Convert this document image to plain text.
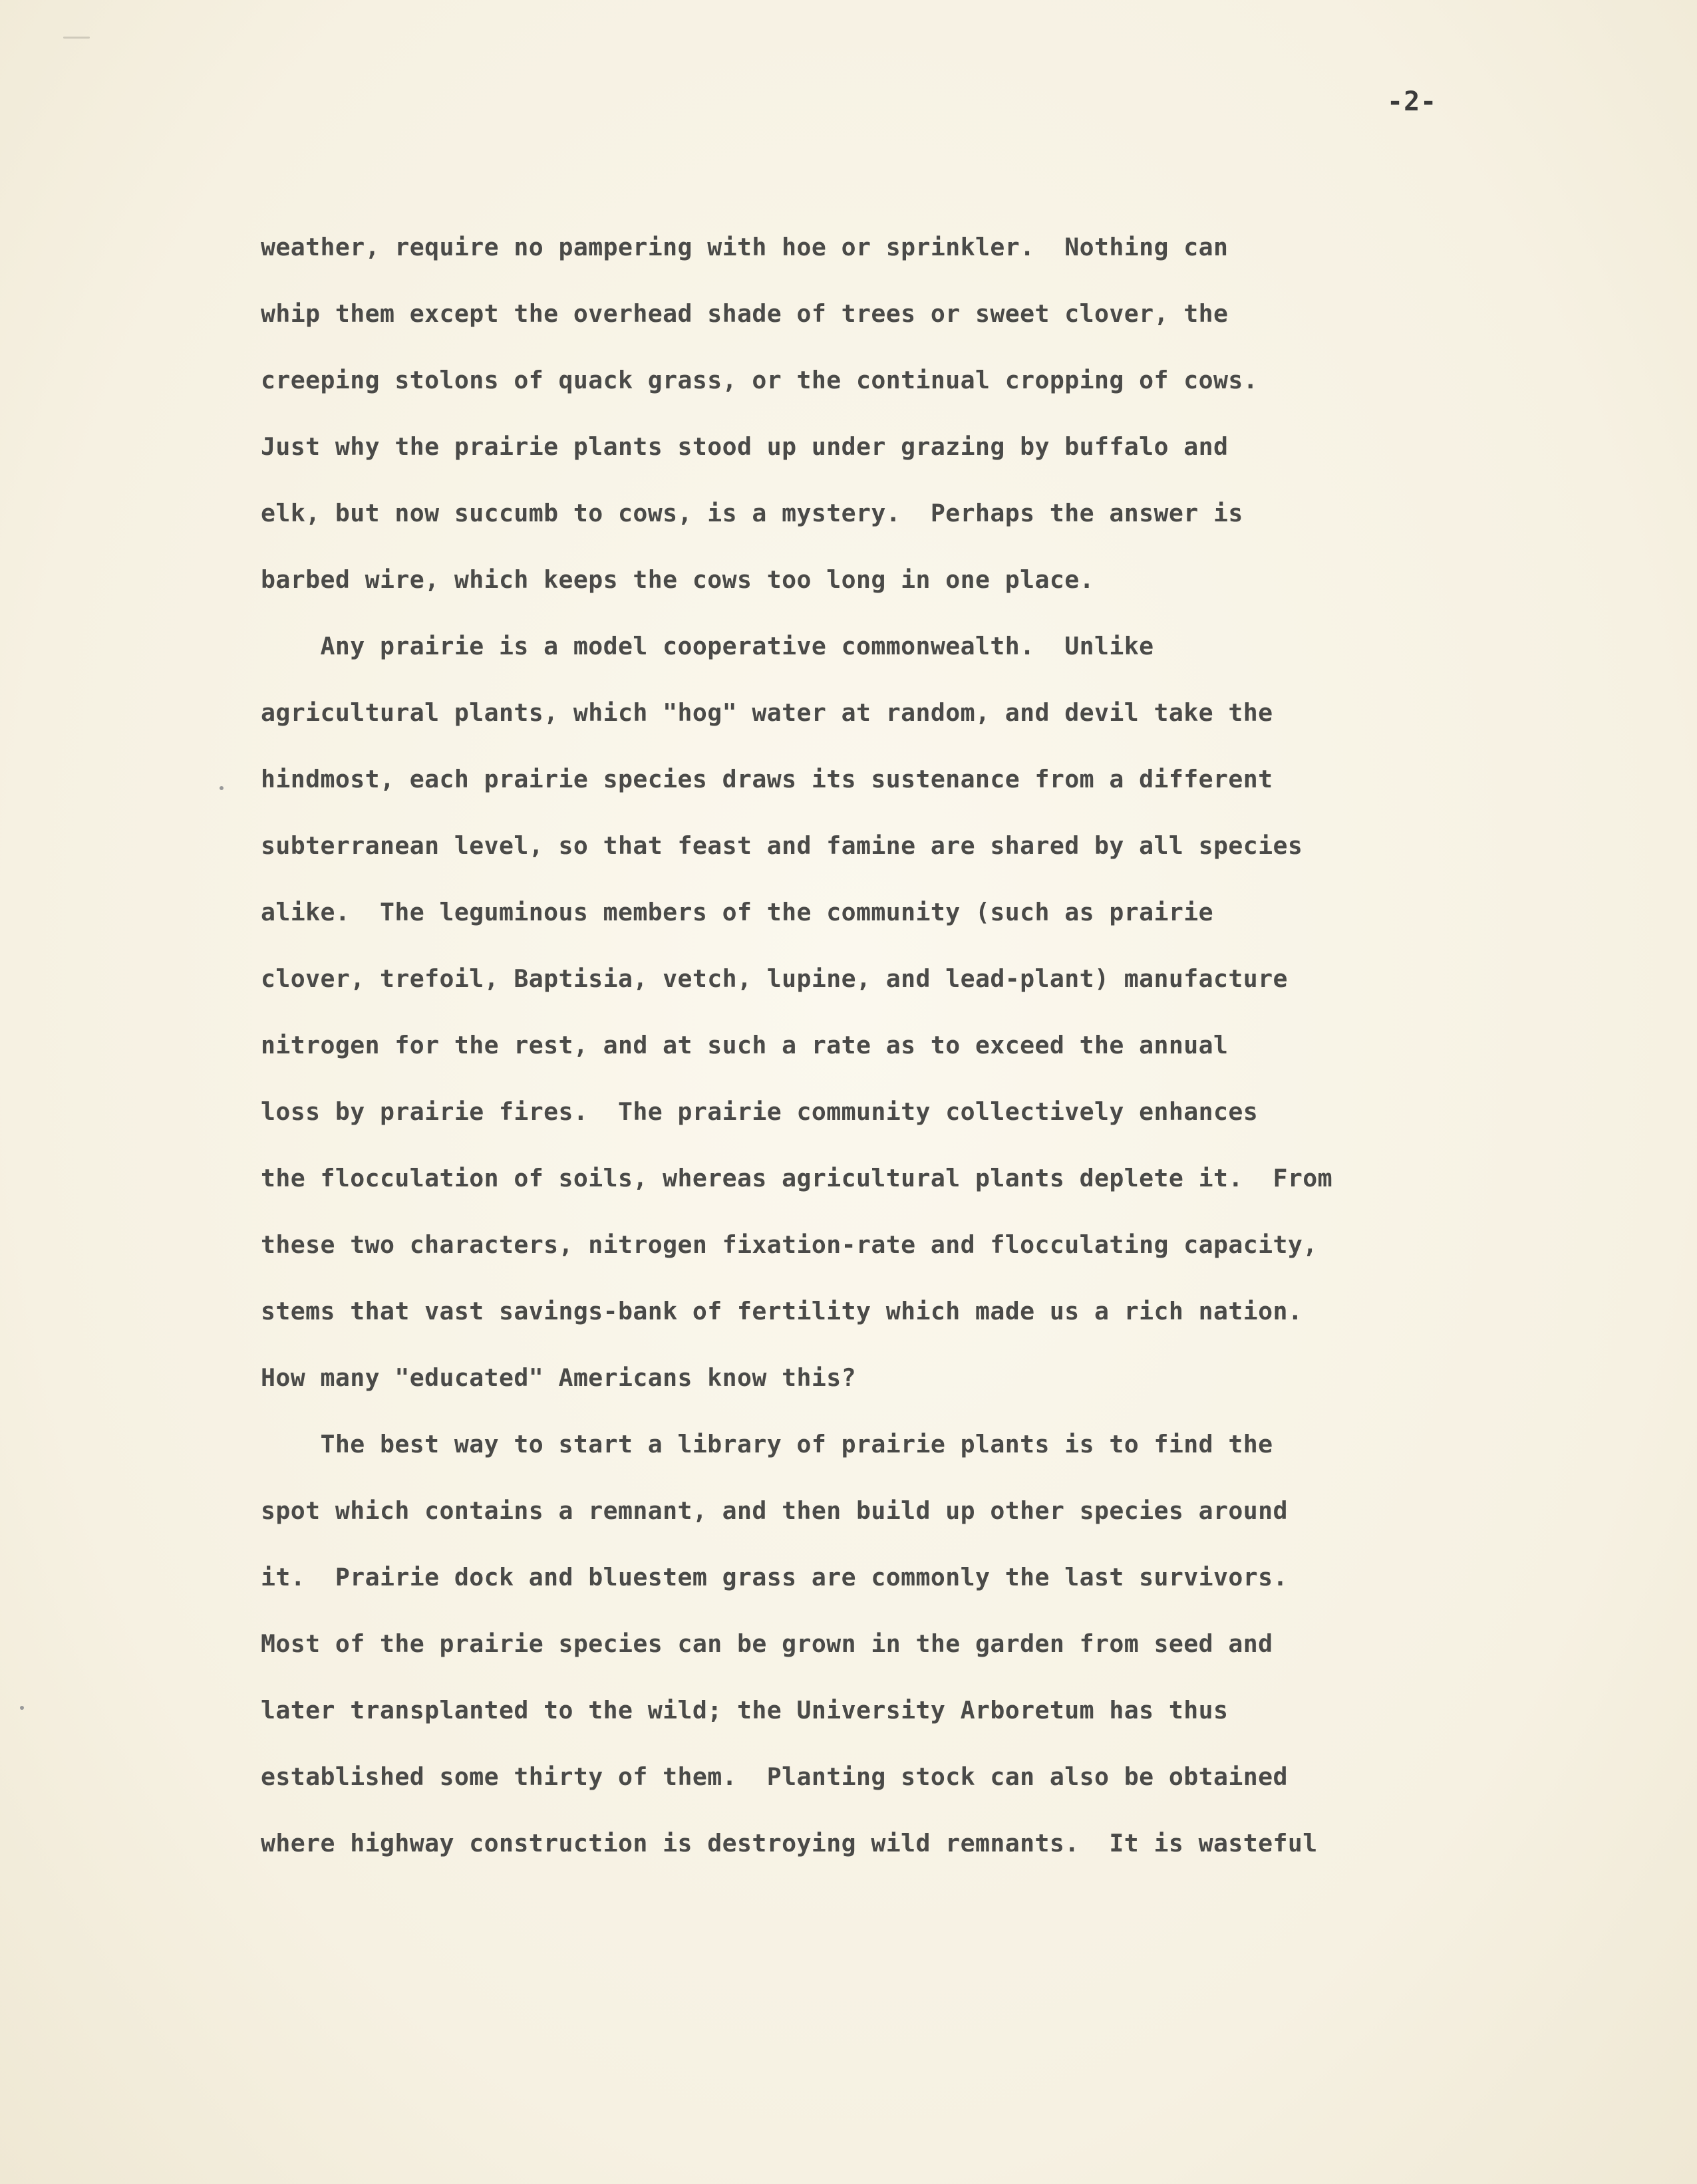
-2-
weather, require no pampering with hoe or sprinkler.  Nothing can
whip them except the overhead shade of trees or sweet clover, the
creeping stolons of quack grass, or the continual cropping of cows.
Just why the prairie plants stood up under grazing by buffalo and
elk, but now succumb to cows, is a mystery.  Perhaps the answer is
barbed wire, which keeps the cows too long in one place.
Any prairie is a model cooperative commonwealth.  Unlike
agricultural plants, which "hog" water at random, and devil take the
hindmost, each prairie species draws its sustenance from a different
subterranean level, so that feast and famine are shared by all species
alike.  The leguminous members of the community (such as prairie
clover, trefoil, Baptisia, vetch, lupine, and lead-plant) manufacture
nitrogen for the rest, and at such a rate as to exceed the annual
loss by prairie fires.  The prairie community collectively enhances
the flocculation of soils, whereas agricultural plants deplete it.  From
these two characters, nitrogen fixation-rate and flocculating capacity,
stems that vast savings-bank of fertility which made us a rich nation.
How many "educated" Americans know this?
The best way to start a library of prairie plants is to find the
spot which contains a remnant, and then build up other species around
it.  Prairie dock and bluestem grass are commonly the last survivors.
Most of the prairie species can be grown in the garden from seed and
later transplanted to the wild; the University Arboretum has thus
established some thirty of them.  Planting stock can also be obtained
where highway construction is destroying wild remnants.  It is wasteful
